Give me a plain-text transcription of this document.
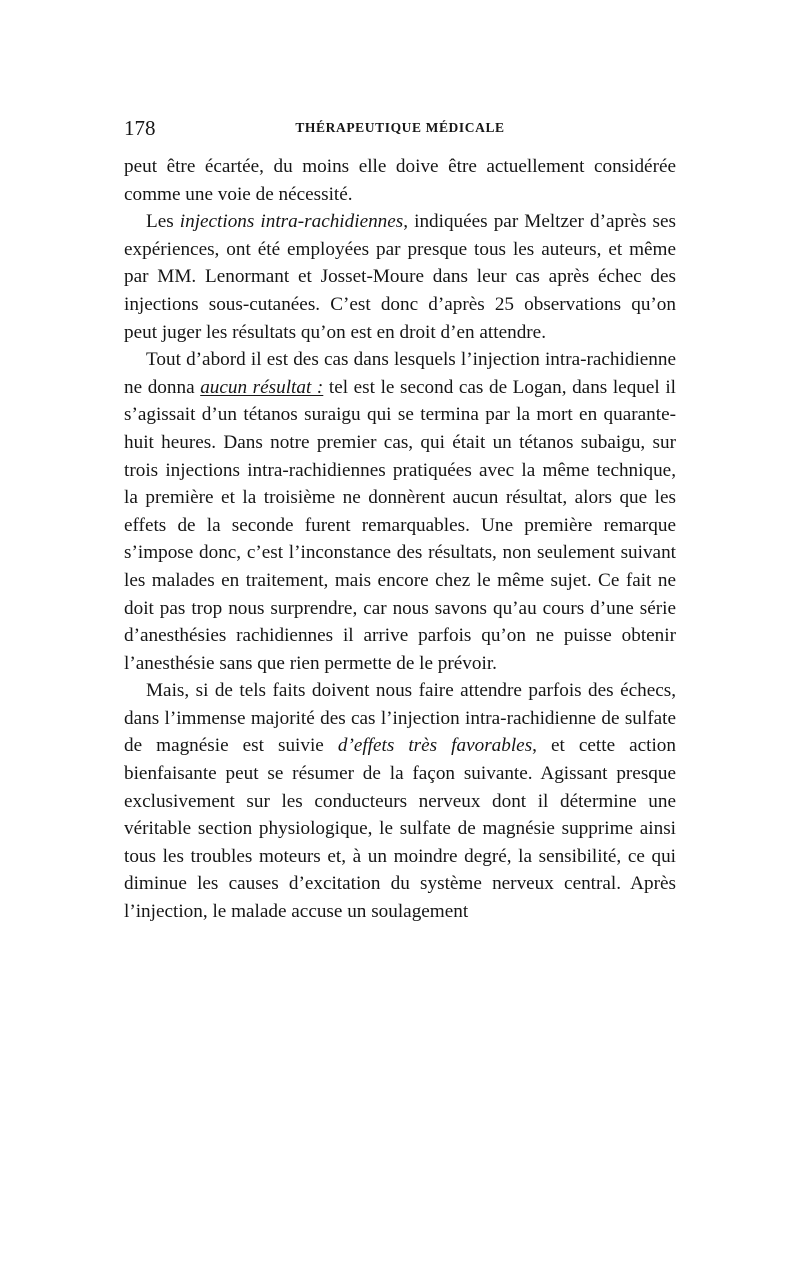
178	THÉRAPEUTIQUE MÉDICALE

peut être écartée, du moins elle doive être actuellement considérée comme une voie de nécessité.

Les injections intra-rachidiennes, indiquées par Meltzer d’après ses expériences, ont été employées par presque tous les auteurs, et même par MM. Lenormant et Josset-Moure dans leur cas après échec des injections sous-cutanées. C’est donc d’après 25 observations qu’on peut juger les résultats qu’on est en droit d’en attendre.

Tout d’abord il est des cas dans lesquels l’injection intra-rachidienne ne donna aucun résultat : tel est le second cas de Logan, dans lequel il s’agissait d’un tétanos suraigu qui se termina par la mort en quarante-huit heures. Dans notre premier cas, qui était un tétanos subaigu, sur trois injections intra-rachidiennes pratiquées avec la même technique, la première et la troisième ne donnèrent aucun résultat, alors que les effets de la seconde furent remarquables. Une première remarque s’impose donc, c’est l’inconstance des résultats, non seulement suivant les malades en traitement, mais encore chez le même sujet. Ce fait ne doit pas trop nous surprendre, car nous savons qu’au cours d’une série d’anesthésies rachidiennes il arrive parfois qu’on ne puisse obtenir l’anesthésie sans que rien permette de le prévoir.

Mais, si de tels faits doivent nous faire attendre parfois des échecs, dans l’immense majorité des cas l’injection intra-rachidienne de sulfate de magnésie est suivie d’effets très favorables, et cette action bienfaisante peut se résumer de la façon suivante. Agissant presque exclusivement sur les conducteurs nerveux dont il détermine une véritable section physiologique, le sulfate de magnésie supprime ainsi tous les troubles moteurs et, à un moindre degré, la sensibilité, ce qui diminue les causes d’excitation du système nerveux central. Après l’injection, le malade accuse un soulagement
